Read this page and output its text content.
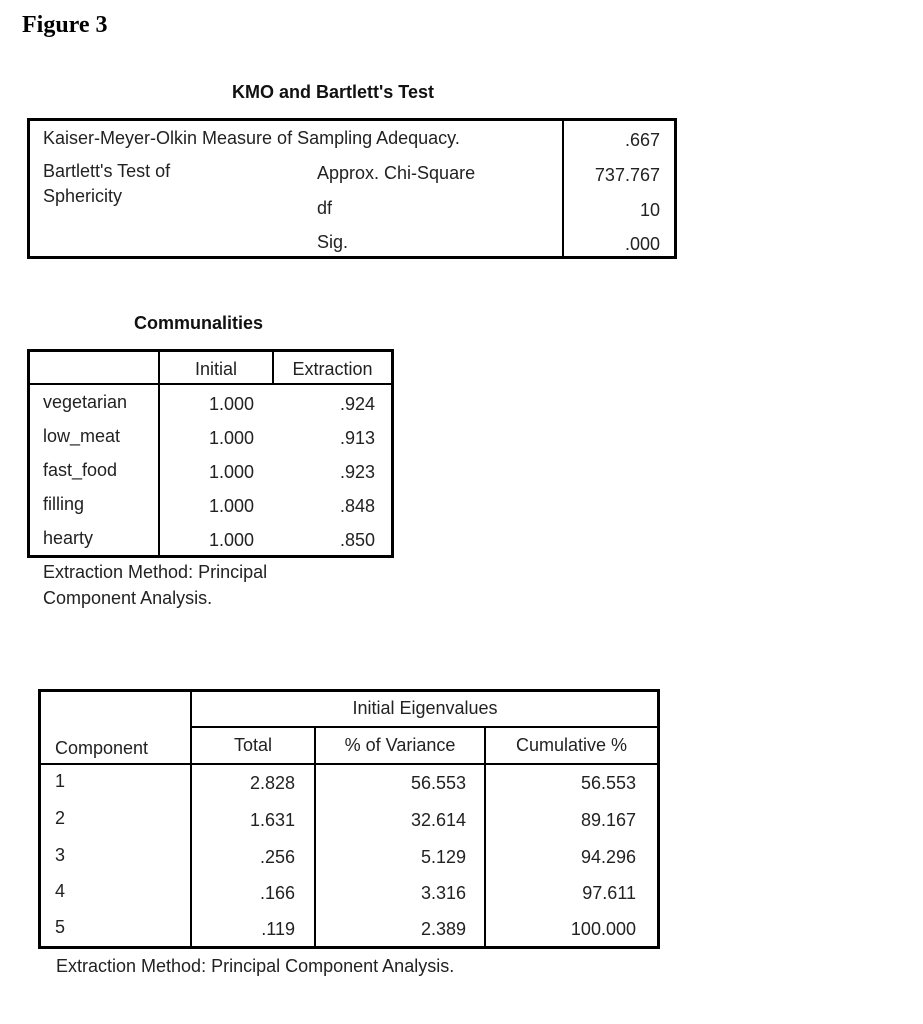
Figure 3
KMO and Bartlett's Test
Kaiser-Meyer-Olkin Measure of Sampling Adequacy.	.667
Bartlett's Test of
Sphericity
Approx. Chi-Square	737.767
df	10
Sig.	.000
Communalities
Initial	Extraction
vegetarian	1.000	.924
low_meat	1.000	.913
fast_food	1.000	.923
filling	1.000	.848
hearty	1.000	.850
Extraction Method: Principal
Component Analysis.
Initial Eigenvalues
Component	Total	% of Variance	Cumulative %
1	2.828	56.553	56.553
2	1.631	32.614	89.167
3	.256	5.129	94.296
4	.166	3.316	97.611
5	.119	2.389	100.000
Extraction Method: Principal Component Analysis.
